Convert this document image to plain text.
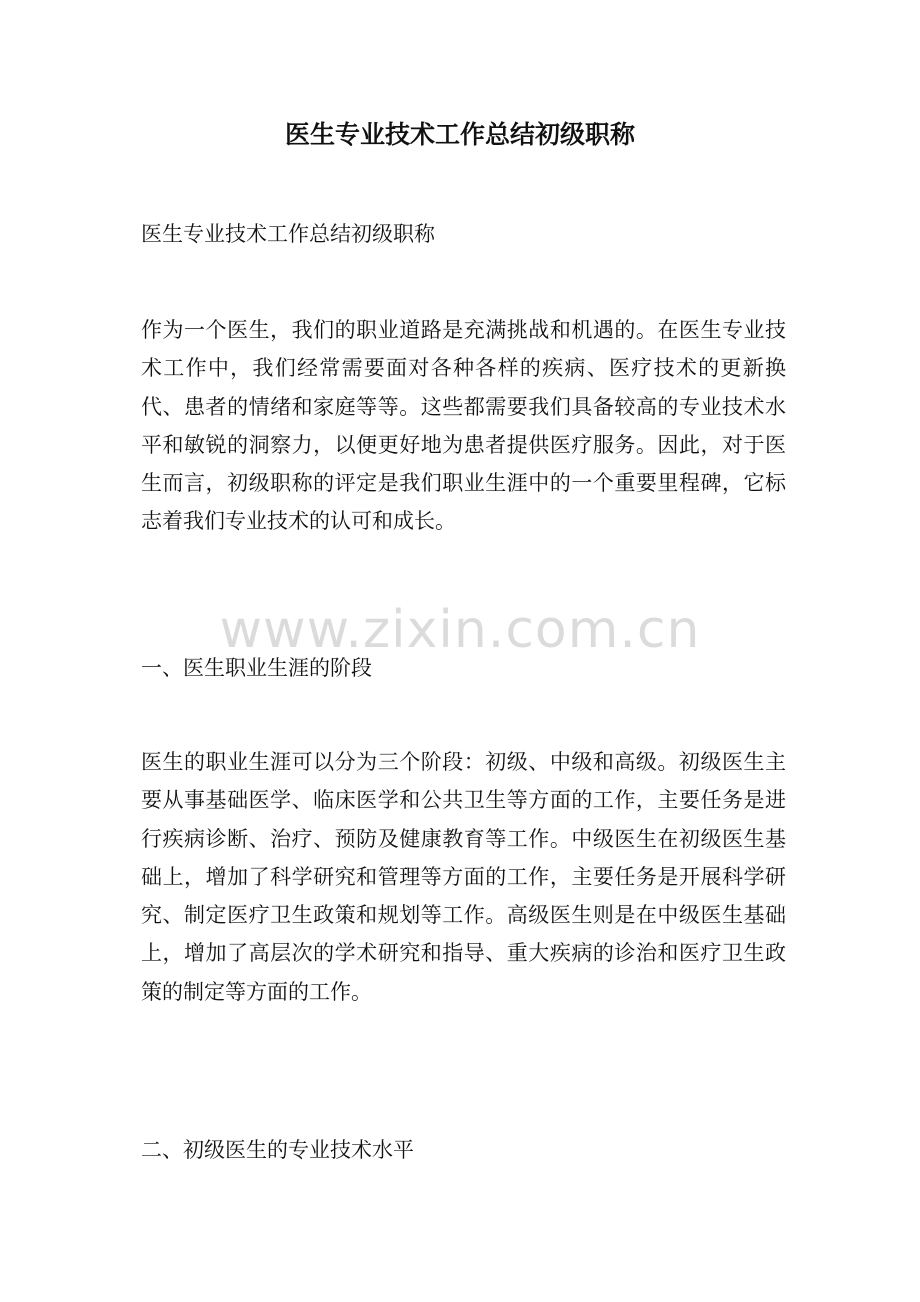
医生专业技术工作总结初级职称

医生专业技术工作总结初级职称

作为一个医生，我们的职业道路是充满挑战和机遇的。在医生专业技术工作中，我们经常需要面对各种各样的疾病、医疗技术的更新换代、患者的情绪和家庭等等。这些都需要我们具备较高的专业技术水平和敏锐的洞察力，以便更好地为患者提供医疗服务。因此，对于医生而言，初级职称的评定是我们职业生涯中的一个重要里程碑，它标志着我们专业技术的认可和成长。

www.zixin.com.cn
一、医生职业生涯的阶段

医生的职业生涯可以分为三个阶段：初级、中级和高级。初级医生主要从事基础医学、临床医学和公共卫生等方面的工作，主要任务是进行疾病诊断、治疗、预防及健康教育等工作。中级医生在初级医生基础上，增加了科学研究和管理等方面的工作，主要任务是开展科学研究、制定医疗卫生政策和规划等工作。高级医生则是在中级医生基础上，增加了高层次的学术研究和指导、重大疾病的诊治和医疗卫生政策的制定等方面的工作。

二、初级医生的专业技术水平
